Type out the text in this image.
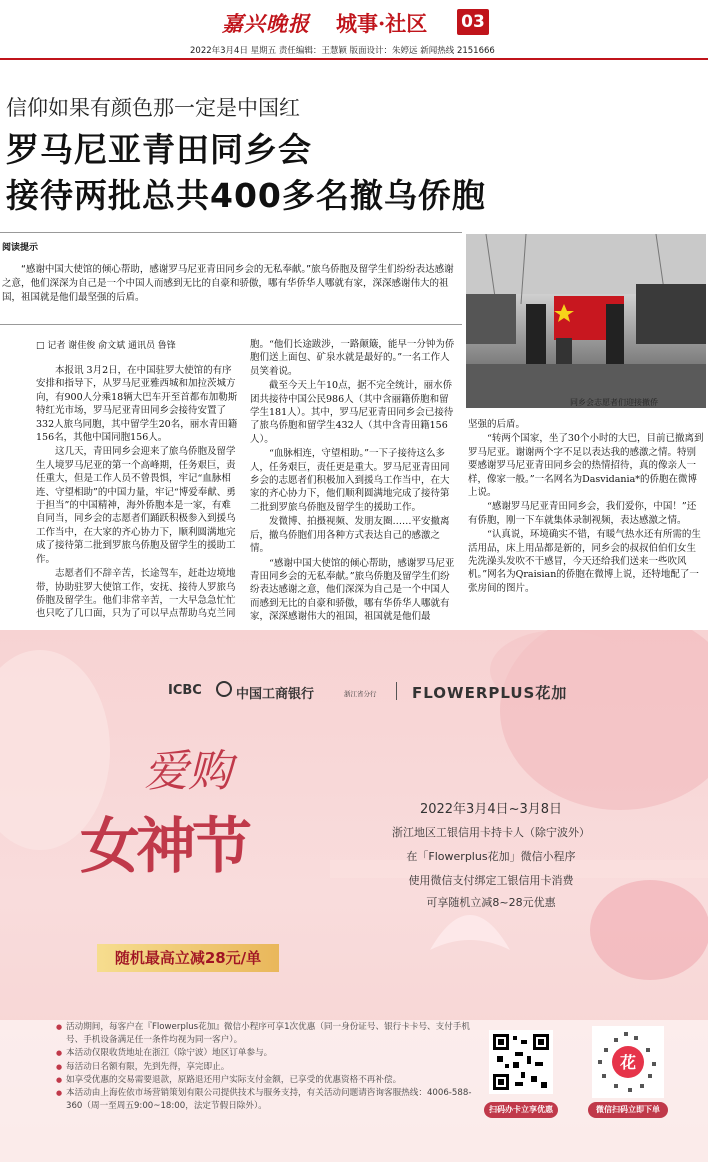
嘉兴晚报 城事·社区 03
2022年3月4日 星期五 责任编辑：王慧颖 版面设计：朱婷远 新闻热线 2151666
信仰如果有颜色那一定是中国红
罗马尼亚青田同乡会
接待两批总共400多名撤乌侨胞
阅读提示
“感谢中国大使馆的倾心帮助，感谢罗马尼亚青田同乡会的无私奉献。”旅乌侨胞及留学生们纷纷表达感谢之意，他们深深为自己是一个中国人而感到无比的自豪和骄傲，哪有华侨华人哪就有家，深深感谢伟大的祖国，祖国就是他们最坚强的后盾。
同乡会志愿者们迎接撤侨
□ 记者 谢佳俊 俞文斌 通讯员 鲁锋

本报讯 3月2日，在中国驻罗大使馆的有序安排和指导下，从罗马尼亚雅西城和加拉茨城方向，有900人分乘18辆大巴车开至首都布加勒斯特红光市场，罗马尼亚青田同乡会接待安置了332人旅乌同胞，其中留学生20名，丽水青田籍156名，其他中国同胞156人。

这几天，青田同乡会迎来了旅乌侨胞及留学生人境罗马尼亚的第一个高峰期，任务艰巨，责任重大，但是工作人员不曾畏惧，牢记“血脉相连、守望相助”的中国力量，牢记“博爱奉献、勇于担当”的中国精神，海外侨胞本是一家，有难自同当，同乡会的志愿者们踊跃积极参入到援乌工作当中，在大家的齐心协力下，顺利圆满地完成了接待第二批到罗旅乌侨胞及留学生的援助工作。

志愿者们不辞辛苦，长途驾车，赶赴边境地带，协助驻罗大使馆工作，安抚、接待人罗旅乌侨胞及留学生。他们非常辛苦，一大早急急忙忙也只吃了几口面，只为了可以早点帮助乌克兰同

胞。“他们长途跋涉，一路颠簸，能早一分钟为侨胞们送上面包、矿泉水就是最好的。”一名工作人员笑着说。

截至今天上午10点，据不完全统计，丽水侨团共接待中国公民986人（其中含丽籍侨胞和留学生181人）。其中，罗马尼亚青田同乡会已接待了旅乌侨胞和留学生432人（其中含青田籍156人）。

“血脉相连，守望相助。”一下子接待这么多人，任务艰巨，责任更是重大。罗马尼亚青田同乡会的志愿者们积极加入到援乌工作当中，在大家的齐心协力下，他们顺利圆满地完成了接待第二批到罗旅乌侨胞及留学生的援助工作。

发微博、拍摄视频、发朋友圈……平安撤离后，撤乌侨胞们用各种方式表达自己的感激之情。

“感谢中国大使馆的倾心帮助，感谢罗马尼亚青田同乡会的无私奉献。”旅乌侨胞及留学生们纷纷表达感谢之意，他们深深为自己是一个中国人而感到无比的自豪和骄傲，哪有华侨华人哪就有家，深深感谢伟大的祖国，祖国就是他们最

坚强的后盾。

“转两个国家，坐了30个小时的大巴，目前已撤离到罗马尼亚。谢谢两个字不足以表达我的感激之情。特别要感谢罗马尼亚青田同乡会的热情招待，真的像亲人一样，像家一般。”一名网名为Dasvidania*的侨胞在微博上说。

“感谢罗马尼亚青田同乡会，我们爱你，中国！”还有侨胞，刚一下车就集体录制视频，表达感激之情。

“认真说，环境确实不错，有暖气热水还有所需的生活用品，床上用品都是新的，同乡会的叔叔伯伯们女生先洗澡头发吹不干感冒，今天还给我们送来一些吹风机。”网名为Qraisian的侨胞在微博上说，还特地配了一张房间的图片。

ICBC	中国工商银行	浙江省分行 FLOWERPLUS花加
爱购
女神节
随机最高立减28元/单
2022年3月4日~3月8日
浙江地区工银信用卡持卡人（除宁波外）
在「Flowerplus花加」微信小程序
使用微信支付绑定工银信用卡消费
可享随机立减8~28元优惠
● 活动期间，每客户在『Flowerplus花加』微信小程序可享1次优惠（同一身份证号、银行卡卡号、支付手机号、手机设备满足任一条件均视为同一客户）。
● 本活动仅限收货地址在浙江（除宁波）地区订单参与。
● 每活动日名额有限，先到先得，享完即止。
● 如享受优惠的交易需要退款，原路退还用户实际支付金额，已享受的优惠资格不再补偿。
● 本活动由上海佐依市场营销策划有限公司提供技术与服务支持，有关活动问题请咨询客服热线：4006-588-360（周一至周五9:00~18:00，法定节假日除外）。	扫码办卡立享优惠
花
微信扫码立即下单
